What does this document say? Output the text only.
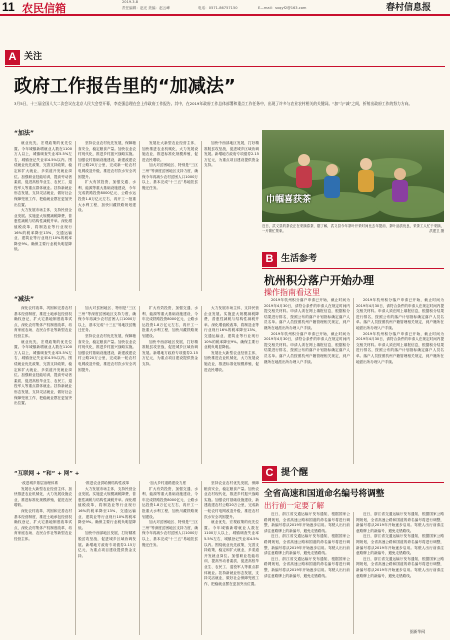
11 农民信箱	2019.3.8
责任编辑：赵光 美编：赵云峰	电话：0571-86757150	E—mail：sxqyf2@163.com	春村信息报
A 关注
政府工作报告里的“加减法”
3月5日，十三届全国人大二次会议在北京人民大会堂开幕，李克强总理在会上作政府工作报告。其中，在2019年政府工作总体部署和重点工作任务中，出现了许多与农业农村相关的关键词。“加”与“减”之间，折射出政府工作的努力方向。
“加法”

就业优先、宏观政策的优先位置。今年城镇新增就业人数在1100万人以上，城镇调查失业率5.5%左右，城镇登记失业率4.5%以内。围绕就业优先政策，完善支持政策，稳定和扩大就业，多渠道开发就业岗位。加强职业技能培训，提高劳动者素质，促进高校毕业生、农民工、退役军人等重点群体就业。扶持新就业形态发展，支持灵活就业，做好社会保障兜底工作，把稳就业摆在更加突出位置。

大力发展市场主体，支持民营企业发展。实施更大规模减税降费，普惠性减税与结构性减税并举。深化增值税改革，将制造业等行业现行16%的税率降至13%，交通运输业、建筑业等行业现行10%的税率降至9%。确保主要行业税负明显降低。

坚持农业农村优先发展，保障粮食安全，稳定粮食产量。加快农业农村现代化，推进乡村振兴战略实施。加强农村基础设施建设，新建改建农村公路20万公里，完成新一轮农村电网改造升级，推进农村饮水安全巩固提升。

扩大有效投资，加强交通、水利、能源等重大基础设施建设，今年完成铁路投资8000亿元、公路水运投资1.8万亿元左右，再开工一批重大水利工程，加快川藏铁路规划建设。

发展壮大新型农业经营主体，加快推进农业机械化，大力发展设施农业，推进标准化规模养殖，促进农民增收。

加大对贫困地区、特别是“三区三州”等深度贫困地区支持力度，确保今年再减少农村贫困人口1000万以上，基本完成“十三五”易地扶贫搬迁任务。

加快中西部地区发展，打好精准脱贫攻坚战，促进城乡区域协调发展。新增地方政府专项债券2.15万亿元，为重点项目建设提供资金支持。

巾帼喜获茶
近日，武义县的茶农正在采摘春茶，据了解，武义县今年茶叶开采时间比去年提前，茶叶品质优良，采茶工人忙于采摘，一片繁忙景象。	洪建卫 摄
B 生活参考
杭州积分落户开始办理
操作指南看这里
“减法”

深化农村改革，巩固和完善农村基本经营制度，推进土地承包经营权确权登记，扩大宅基地制度改革试点，深化农村集体产权制度改革，培育家庭农场、农民合作社等新型农业经营主体。

就业优先、宏观政策的优先位置。今年城镇新增就业人数在1100万人以上，城镇调查失业率5.5%左右，城镇登记失业率4.5%以内。围绕就业优先政策，完善支持政策，稳定和扩大就业，多渠道开发就业岗位。加强职业技能培训，提高劳动者素质，促进高校毕业生、农民工、退役军人等重点群体就业。扶持新就业形态发展，支持灵活就业，做好社会保障兜底工作，把稳就业摆在更加突出位置。

加大对贫困地区、特别是“三区三州”等深度贫困地区支持力度，确保今年再减少农村贫困人口1000万以上，基本完成“十三五”易地扶贫搬迁任务。

坚持农业农村优先发展，保障粮食安全，稳定粮食产量。加快农业农村现代化，推进乡村振兴战略实施。加强农村基础设施建设，新建改建农村公路20万公里，完成新一轮农村电网改造升级，推进农村饮水安全巩固提升。

扩大有效投资，加强交通、水利、能源等重大基础设施建设，今年完成铁路投资8000亿元、公路水运投资1.8万亿元左右，再开工一批重大水利工程，加快川藏铁路规划建设。

加快中西部地区发展，打好精准脱贫攻坚战，促进城乡区域协调发展。新增地方政府专项债券2.15万亿元，为重点项目建设提供资金支持。

大力发展市场主体，支持民营企业发展。实施更大规模减税降费，普惠性减税与结构性减税并举。深化增值税改革，将制造业等行业现行16%的税率降至13%，交通运输业、建筑业等行业现行10%的税率降至9%。确保主要行业税负明显降低。

发展壮大新型农业经营主体，加快推进农业机械化，大力发展设施农业，推进标准化规模养殖，促进农民增收。

2019年杭州积分落户申请已开始，截止时间为2019年4月30日，请符合条件的申请人在规定时间内提交相关材料。申请人须在网上填报信息，根据积分结果进行排名，按照公布的落户计划指标确定落户人员名单。落户人员按照杭州户籍管理相关规定，到户籍所在地派出所办理入户手续。

2019年杭州积分落户申请已开始，截止时间为2019年4月30日，请符合条件的申请人在规定时间内提交相关材料。申请人须在网上填报信息，根据积分结果进行排名，按照公布的落户计划指标确定落户人员名单。落户人员按照杭州户籍管理相关规定，到户籍所在地派出所办理入户手续。

2019年杭州积分落户申请已开始，截止时间为2019年4月30日，请符合条件的申请人在规定时间内提交相关材料。申请人须在网上填报信息，根据积分结果进行排名，按照公布的落户计划指标确定落户人员名单。落户人员按照杭州户籍管理相关规定，到户籍所在地派出所办理入户手续。

2019年杭州积分落户申请已开始，截止时间为2019年4月30日，请符合条件的申请人在规定时间内提交相关材料。申请人须在网上填报信息，根据积分结果进行排名，按照公布的落户计划指标确定落户人员名单。落户人员按照杭州户籍管理相关规定，到户籍所在地派出所办理入户手续。

“互联网 + ”和“ + 网” +

·改进城乡基层治理体系

发展壮大新型农业经营主体，加快推进农业机械化，大力发展设施农业，推进标准化规模养殖，促进农民增收。

深化农村改革，巩固和完善农村基本经营制度，推进土地承包经营权确权登记，扩大宅基地制度改革试点，深化农村集体产权制度改革，培育家庭农场、农民合作社等新型农业经营主体。

·推进农业供给侧结构性改革

大力发展市场主体，支持民营企业发展。实施更大规模减税降费，普惠性减税与结构性减税并举。深化增值税改革，将制造业等行业现行16%的税率降至13%，交通运输业、建筑业等行业现行10%的税率降至9%。确保主要行业税负明显降低。

加快中西部地区发展，打好精准脱贫攻坚战，促进城乡区域协调发展。新增地方政府专项债券2.15万亿元，为重点项目建设提供资金支持。

·加大乡村道路建设力度

扩大有效投资，加强交通、水利、能源等重大基础设施建设，今年完成铁路投资8000亿元、公路水运投资1.8万亿元左右，再开工一批重大水利工程，加快川藏铁路规划建设。

加大对贫困地区、特别是“三区三州”等深度贫困地区支持力度，确保今年再减少农村贫困人口1000万以上，基本完成“十三五”易地扶贫搬迁任务。

坚持农业农村优先发展，保障粮食安全，稳定粮食产量。加快农业农村现代化，推进乡村振兴战略实施。加强农村基础设施建设，新建改建农村公路20万公里，完成新一轮农村电网改造升级，推进农村饮水安全巩固提升。

就业优先、宏观政策的优先位置。今年城镇新增就业人数在1100万人以上，城镇调查失业率5.5%左右，城镇登记失业率4.5%以内。围绕就业优先政策，完善支持政策，稳定和扩大就业，多渠道开发就业岗位。加强职业技能培训，提高劳动者素质，促进高校毕业生、农民工、退役军人等重点群体就业。扶持新就业形态发展，支持灵活就业，做好社会保障兜底工作，把稳就业摆在更加突出位置。

C 提个醒
全省高速和国道命名编号将调整
出行前一定要了解

近日，浙江省交通运输厅发布通知，根据国家公路网规划，全省高速公路和国道的命名编号将进行调整，新编号将从2019年开始逐步启用。驾驶人出行前请注意路牌上的新编号，避免走错路线。

近日，浙江省交通运输厅发布通知，根据国家公路网规划，全省高速公路和国道的命名编号将进行调整，新编号将从2019年开始逐步启用。驾驶人出行前请注意路牌上的新编号，避免走错路线。

近日，浙江省交通运输厅发布通知，根据国家公路网规划，全省高速公路和国道的命名编号将进行调整，新编号将从2019年开始逐步启用。驾驶人出行前请注意路牌上的新编号，避免走错路线。

近日，浙江省交通运输厅发布通知，根据国家公路网规划，全省高速公路和国道的命名编号将进行调整，新编号将从2019年开始逐步启用。驾驶人出行前请注意路牌上的新编号，避免走错路线。

近日，浙江省交通运输厅发布通知，根据国家公路网规划，全省高速公路和国道的命名编号将进行调整，新编号将从2019年开始逐步启用。驾驶人出行前请注意路牌上的新编号，避免走错路线。

近日，浙江省交通运输厅发布通知，根据国家公路网规划，全省高速公路和国道的命名编号将进行调整，新编号将从2019年开始逐步启用。驾驶人出行前请注意路牌上的新编号，避免走错路线。

据新华网
